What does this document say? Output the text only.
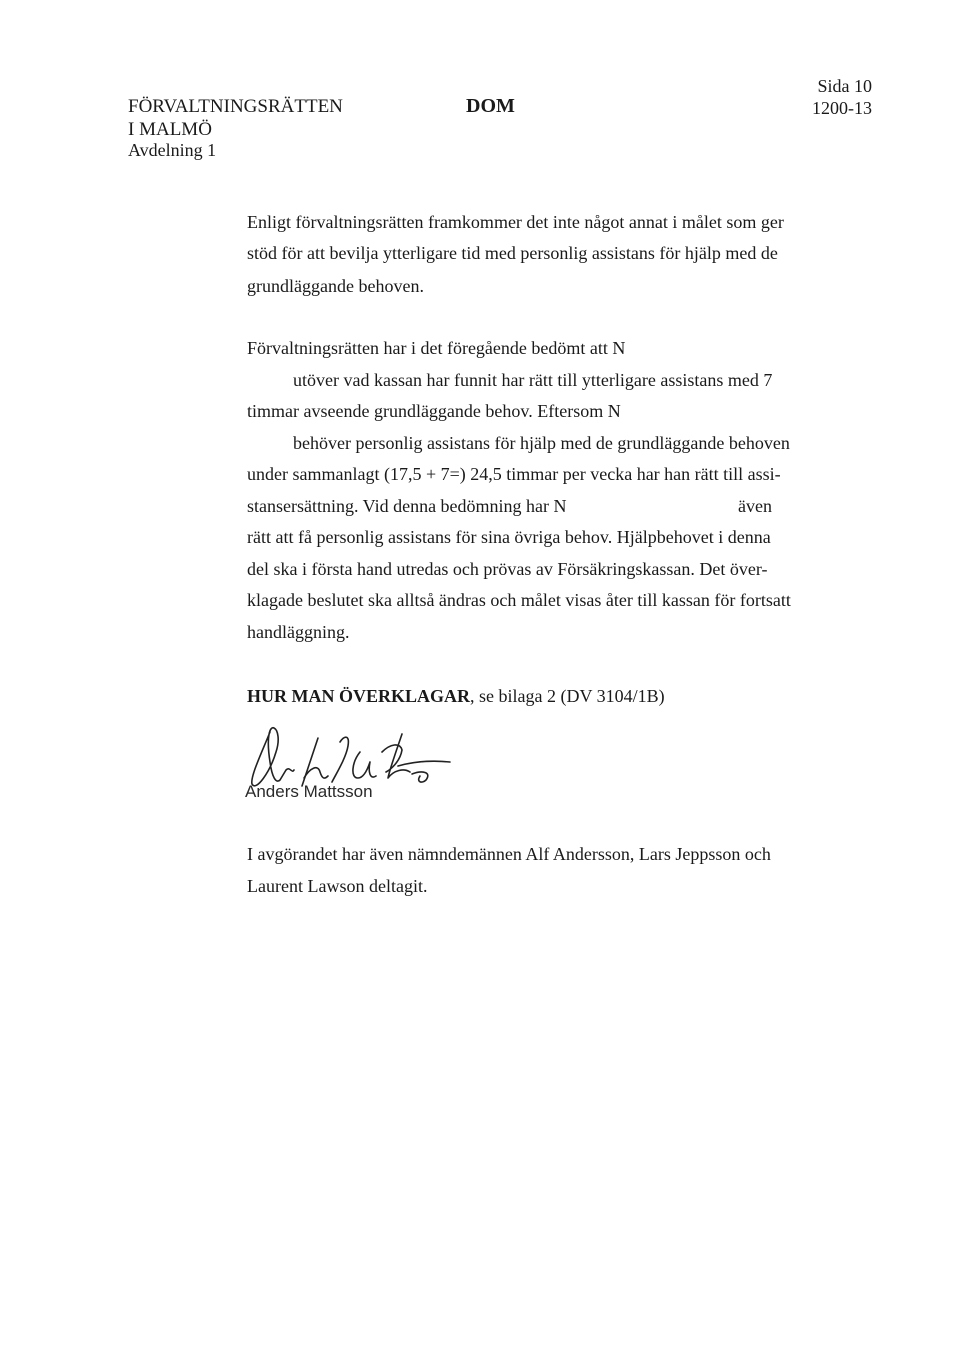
FÖRVALTNINGSRÄTTEN
I MALMÖ
Avdelning 1
DOM
Sida 10
1200-13
Enligt förvaltningsrätten framkommer det inte något annat i målet som ger
stöd för att bevilja ytterligare tid med personlig assistans för hjälp med de
grundläggande behoven.
Förvaltningsrätten har i det föregående bedömt att N
utöver vad kassan har funnit har rätt till ytterligare assistans med 7
timmar avseende grundläggande behov. Eftersom N
behöver personlig assistans för hjälp med de grundläggande behoven
under sammanlagt (17,5 + 7=) 24,5 timmar per vecka har han rätt till assi-
stansersättning. Vid denna bedömning har N	även
rätt att få personlig assistans för sina övriga behov. Hjälpbehovet i denna
del ska i första hand utredas och prövas av Försäkringskassan. Det över-
klagade beslutet ska alltså ändras och målet visas åter till kassan för fortsatt
handläggning.
HUR MAN ÖVERKLAGAR, se bilaga 2 (DV 3104/1B)
Anders Mattsson
I avgörandet har även nämndemännen Alf Andersson, Lars Jeppsson och
Laurent Lawson deltagit.
